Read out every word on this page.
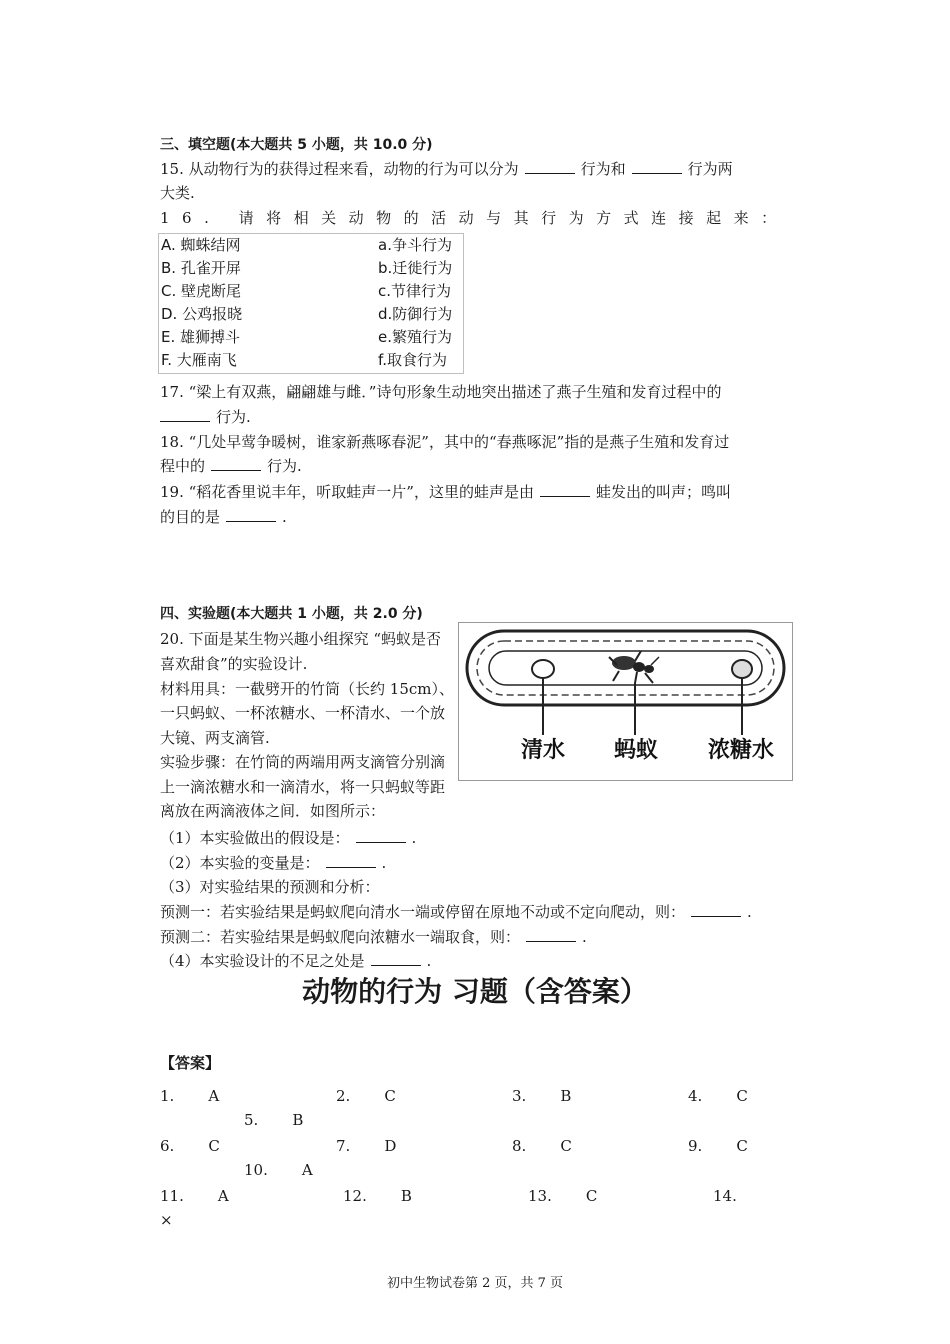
三、填空题(本大题共 5 小题，共 10.0 分)
15. 从动物行为的获得过程来看，动物的行为可以分为	行为和	行为两
大类.
16. 请将相关动物的活动与其行为方式连接起来：
A. 蜘蛛结网	a.争斗行为
B. 孔雀开屏	b.迁徙行为
C. 壁虎断尾	c.节律行为
D. 公鸡报晓	d.防御行为
E. 雄狮搏斗	e.繁殖行为
F. 大雁南飞	f.取食行为
17. “梁上有双燕，翩翩雄与雌．”诗句形象生动地突出描述了燕子生殖和发育过程中的
行为.
18. “几处早莺争暖树，谁家新燕啄春泥”，其中的“春燕啄泥”指的是燕子生殖和发育过
程中的	行为.
19. “稻花香里说丰年，听取蛙声一片”，这里的蛙声是由	蛙发出的叫声；鸣叫
的目的是	.
四、实验题(本大题共 1 小题，共 2.0 分)
20. 下面是某生物兴趣小组探究 “蚂蚁是否
喜欢甜食”的实验设计.
材料用具：一截劈开的竹筒（长约 15cm）、
一只蚂蚁、一杯浓糖水、一杯清水、一个放
大镜、两支滴管.
实验步骤：在竹筒的两端用两支滴管分别滴
上一滴浓糖水和一滴清水，将一只蚂蚁等距
离放在两滴液体之间．如图所示：
清水 蚂蚁 浓糖水
（1）本实验做出的假设是：	.
（2）本实验的变量是：	.
（3）对实验结果的预测和分析：
预测一：若实验结果是蚂蚁爬向清水一端或停留在原地不动或不定向爬动，则：	.
预测二：若实验结果是蚂蚁爬向浓糖水一端取食，则：	.
（4）本实验设计的不足之处是	.
动物的行为 习题（含答案）
【答案】
1. A	2. C	3. B	4. C
5. B
6. C	7. D	8. C	9. C
10. A
11. A	12. B	13. C	14.
×
初中生物试卷第 2 页，共 7 页
